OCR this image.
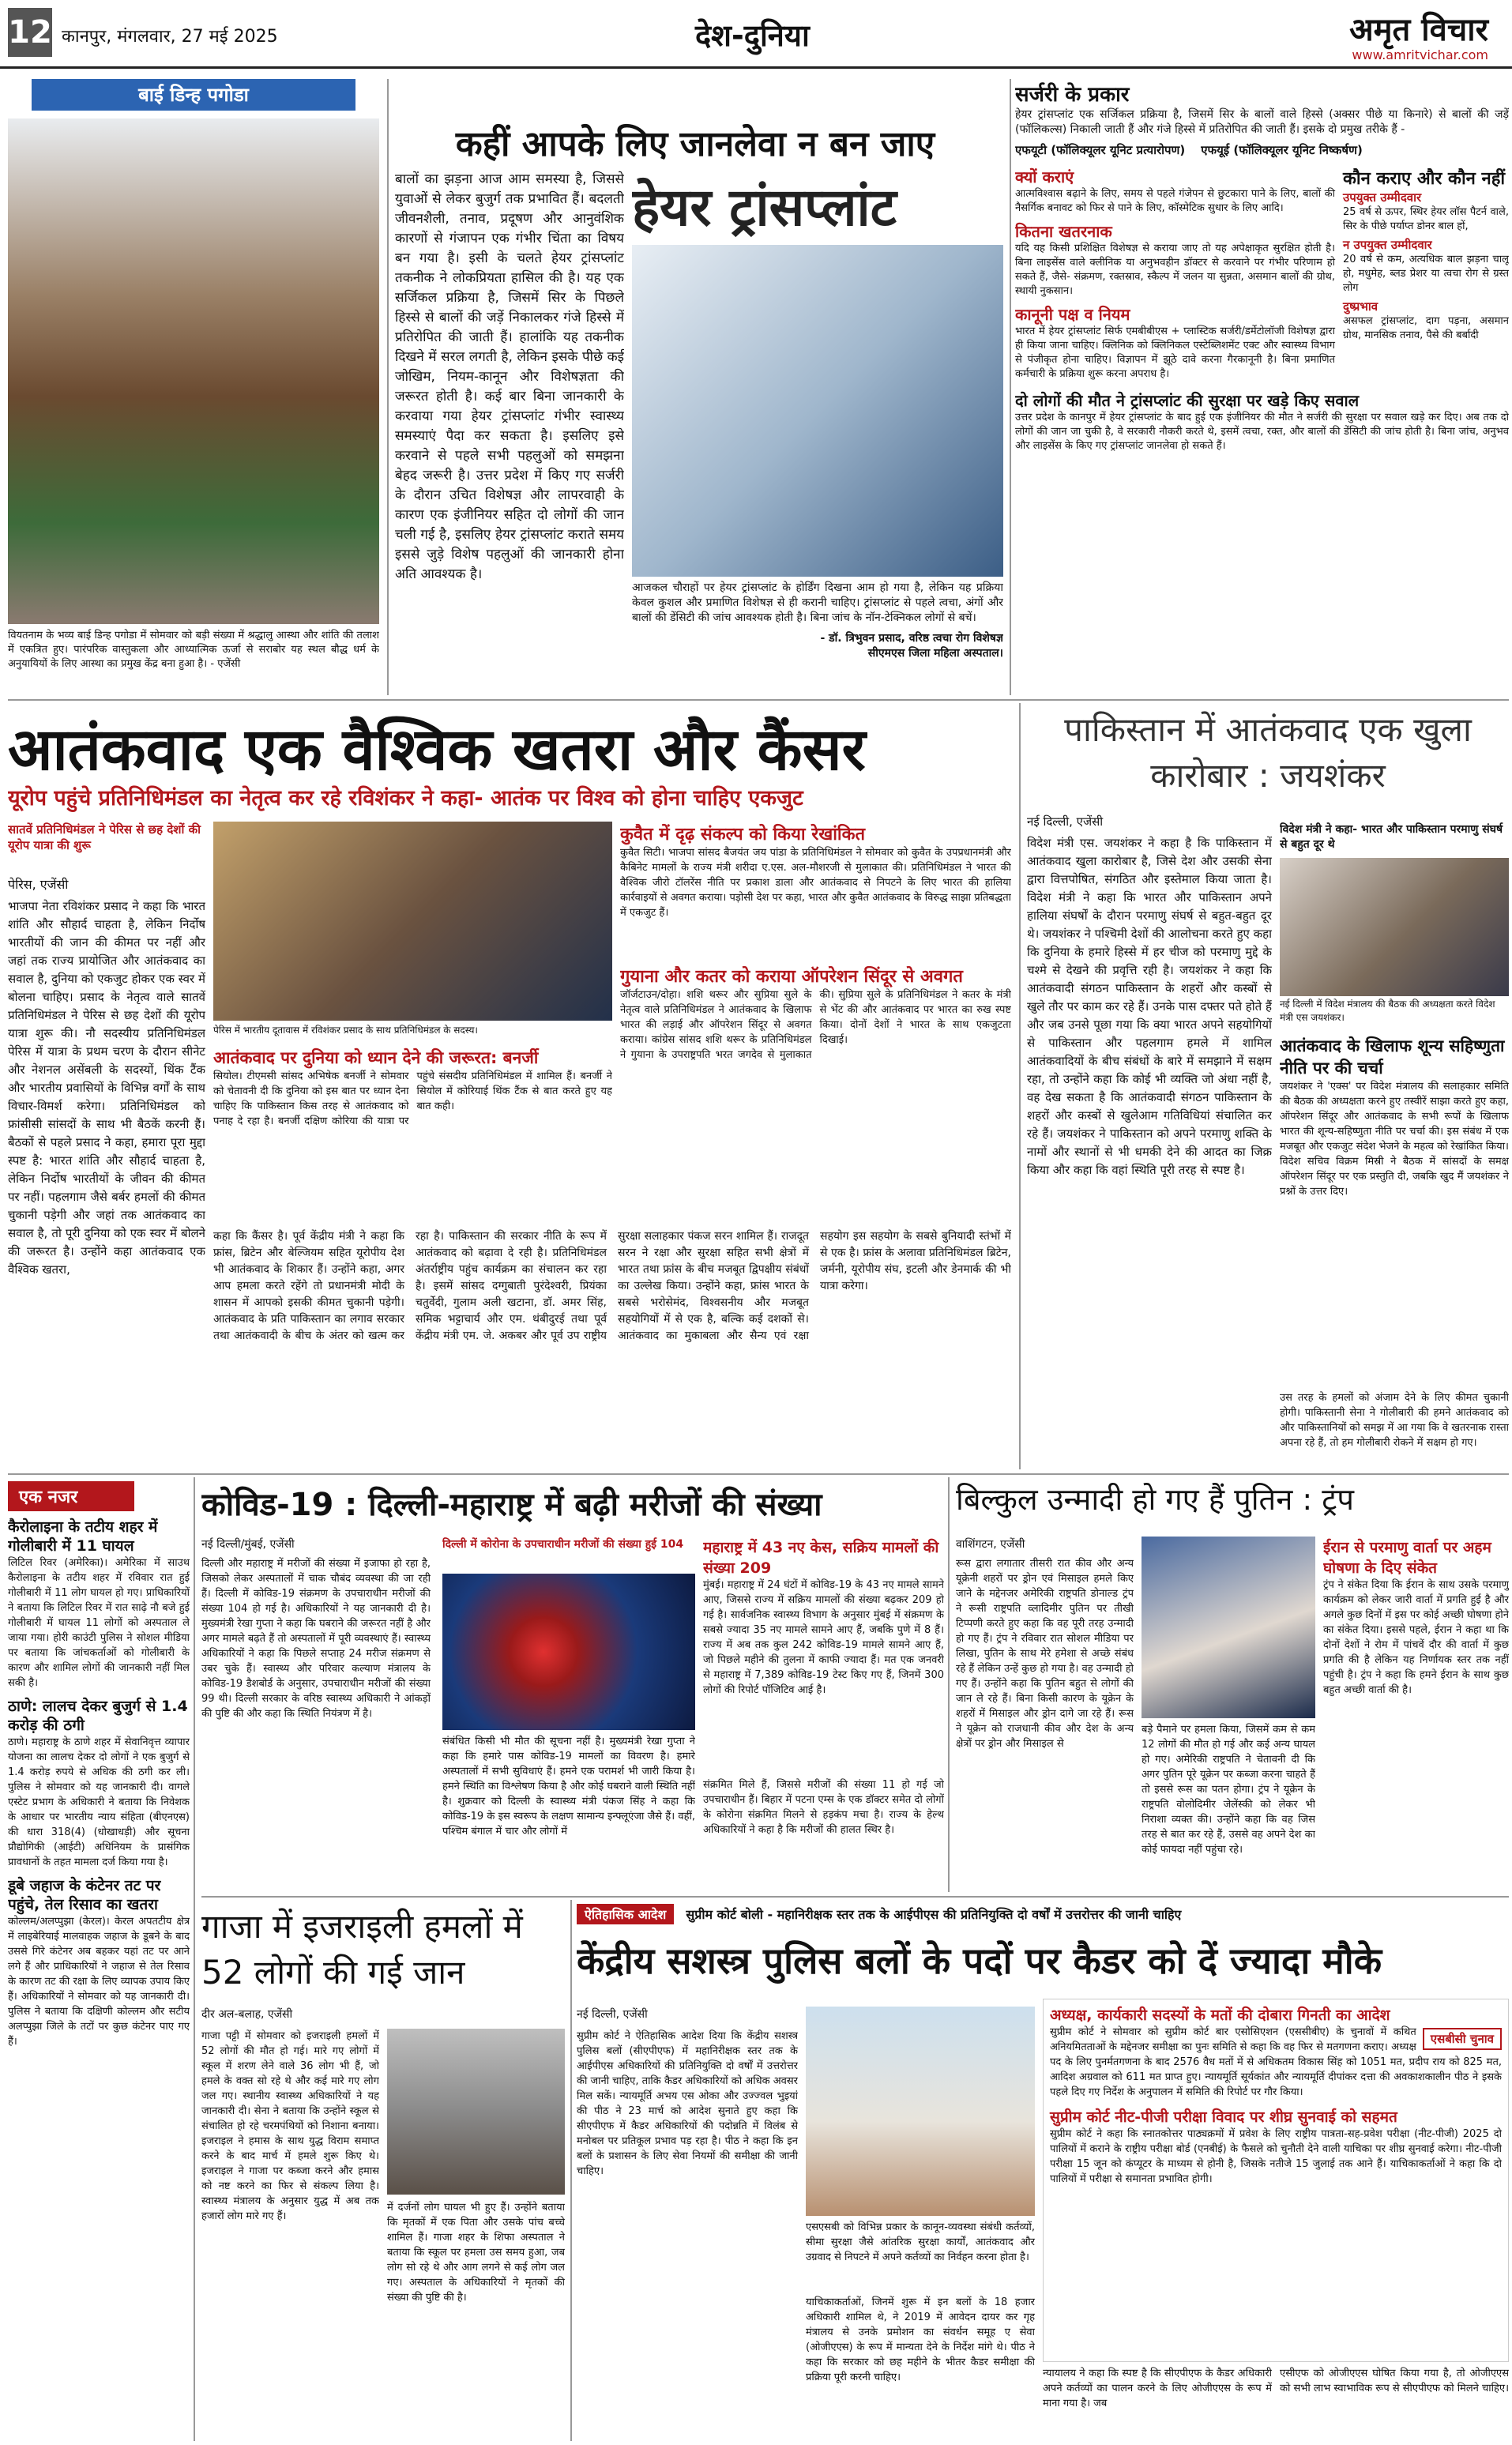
12 कानपुर, मंगलवार, 27 मई 2025	देश-दुनिया	अमृत विचार
www.amritvichar.com
बाई डिन्ह पगोडा
वियतनाम के भव्य बाई डिन्ह पगोडा में सोमवार को बड़ी संख्या में श्रद्धालु आस्था और शांति की तलाश में एकत्रित हुए। पारंपरिक वास्तुकला और आध्यात्मिक ऊर्जा से सराबोर यह स्थल बौद्ध धर्म के अनुयायियों के लिए आस्था का प्रमुख केंद्र बना हुआ है। - एजेंसी
कहीं आपके लिए जानलेवा न बन जाए
बालों का झड़ना आज आम समस्या है, जिससे युवाओं से लेकर बुजुर्ग तक प्रभावित हैं। बदलती जीवनशैली, तनाव, प्रदूषण और आनुवंशिक कारणों से गंजापन एक गंभीर चिंता का विषय बन गया है। इसी के चलते हेयर ट्रांसप्लांट तकनीक ने लोकप्रियता हासिल की है। यह एक सर्जिकल प्रक्रिया है, जिसमें सिर के पिछले हिस्से से बालों की जड़ें निकालकर गंजे हिस्से में प्रतिरोपित की जाती हैं। हालांकि यह तकनीक दिखने में सरल लगती है, लेकिन इसके पीछे कई जोखिम, नियम-कानून और विशेषज्ञता की जरूरत होती है। कई बार बिना जानकारी के करवाया गया हेयर ट्रांसप्लांट गंभीर स्वास्थ्य समस्याएं पैदा कर सकता है। इसलिए इसे करवाने से पहले सभी पहलुओं को समझना बेहद जरूरी है। उत्तर प्रदेश में किए गए सर्जरी के दौरान उचित विशेषज्ञ और लापरवाही के कारण एक इंजीनियर सहित दो लोगों की जान चली गई है, इसलिए हेयर ट्रांसप्लांट कराते समय इससे जुड़े विशेष पहलुओं की जानकारी होना अति आवश्यक है।
हेयर ट्रांसप्लांट
आजकल चौराहों पर हेयर ट्रांसप्लांट के होर्डिंग दिखना आम हो गया है, लेकिन यह प्रक्रिया केवल कुशल और प्रमाणित विशेषज्ञ से ही करानी चाहिए। ट्रांसप्लांट से पहले त्वचा, अंगों और बालों की डेंसिटी की जांच आवश्यक होती है। बिना जांच के नॉन-टेक्निकल लोगों से बचें।
- डॉ. त्रिभुवन प्रसाद, वरिष्ठ त्वचा रोग विशेषज्ञ
सीएमएस जिला महिला अस्पताल।
सर्जरी के प्रकार
हेयर ट्रांसप्लांट एक सर्जिकल प्रक्रिया है, जिसमें सिर के बालों वाले हिस्से (अक्सर पीछे या किनारे) से बालों की जड़ें (फॉलिकल्स) निकाली जाती हैं और गंजे हिस्से में प्रतिरोपित की जाती हैं। इसके दो प्रमुख तरीके हैं -
एफयूटी (फॉलिक्यूलर यूनिट प्रत्यारोपण) एफयूई (फॉलिक्यूलर यूनिट निष्कर्षण)
क्यों कराएं
आत्मविश्वास बढ़ाने के लिए, समय से पहले गंजेपन से छुटकारा पाने के लिए, बालों की नैसर्गिक बनावट को फिर से पाने के लिए, कॉस्मेटिक सुधार के लिए आदि।
कितना खतरनाक
यदि यह किसी प्रशिक्षित विशेषज्ञ से कराया जाए तो यह अपेक्षाकृत सुरक्षित होती है। बिना लाइसेंस वाले क्लीनिक या अनुभवहीन डॉक्टर से करवाने पर गंभीर परिणाम हो सकते हैं, जैसे- संक्रमण, रक्तस्राव, स्कैल्प में जलन या सुन्नता, असमान बालों की ग्रोथ, स्थायी नुकसान।
कानूनी पक्ष व नियम
भारत में हेयर ट्रांसप्लांट सिर्फ एमबीबीएस + प्लास्टिक सर्जरी/डर्मेटोलॉजी विशेषज्ञ द्वारा ही किया जाना चाहिए। क्लिनिक को क्लिनिकल एस्टेब्लिशमेंट एक्ट और स्वास्थ्य विभाग से पंजीकृत होना चाहिए। विज्ञापन में झूठे दावे करना गैरकानूनी है। बिना प्रमाणित कर्मचारी के प्रक्रिया शुरू करना अपराध है।
कौन कराए और कौन नहीं
उपयुक्त उम्मीदवार
25 वर्ष से ऊपर, स्थिर हेयर लॉस पैटर्न वाले, सिर के पीछे पर्याप्त डोनर बाल हों,
न उपयुक्त उम्मीदवार
20 वर्ष से कम, अत्यधिक बाल झड़ना चालू हो, मधुमेह, ब्लड प्रेशर या त्वचा रोग से ग्रस्त लोग
दुष्प्रभाव
असफल ट्रांसप्लांट, दाग पड़ना, असमान ग्रोथ, मानसिक तनाव, पैसे की बर्बादी
दो लोगों की मौत ने ट्रांसप्लांट की सुरक्षा पर खड़े किए सवाल
उत्तर प्रदेश के कानपुर में हेयर ट्रांसप्लांट के बाद हुई एक इंजीनियर की मौत ने सर्जरी की सुरक्षा पर सवाल खड़े कर दिए। अब तक दो लोगों की जान जा चुकी है, वे सरकारी नौकरी करते थे, इसमें त्वचा, रक्त, और बालों की डेंसिटी की जांच होती है। बिना जांच, अनुभव और लाइसेंस के किए गए ट्रांसप्लांट जानलेवा हो सकते हैं।
आतंकवाद एक वैश्विक खतरा और कैंसर
यूरोप पहुंचे प्रतिनिधिमंडल का नेतृत्व कर रहे रविशंकर ने कहा- आतंक पर विश्व को होना चाहिए एकजुट
सातवें प्रतिनिधिमंडल ने पेरिस से छह देशों की यूरोप यात्रा की शुरू
पेरिस, एजेंसी
भाजपा नेता रविशंकर प्रसाद ने कहा कि भारत शांति और सौहार्द चाहता है, लेकिन निर्दोष भारतीयों की जान की कीमत पर नहीं और जहां तक राज्य प्रायोजित और आतंकवाद का सवाल है, दुनिया को एकजुट होकर एक स्वर में बोलना चाहिए। प्रसाद के नेतृत्व वाले सातवें प्रतिनिधिमंडल ने पेरिस से छह देशों की यूरोप यात्रा शुरू की। नौ सदस्यीय प्रतिनिधिमंडल पेरिस में यात्रा के प्रथम चरण के दौरान सीनेट और नेशनल असेंबली के सदस्यों, थिंक टैंक और भारतीय प्रवासियों के विभिन्न वर्गों के साथ विचार-विमर्श करेगा। प्रतिनिधिमंडल को फ्रांसीसी सांसदों के साथ भी बैठकें करनी हैं। बैठकों से पहले प्रसाद ने कहा, हमारा पूरा मुद्दा स्पष्ट है: भारत शांति और सौहार्द चाहता है, लेकिन निर्दोष भारतीयों के जीवन की कीमत पर नहीं। पहलगाम जैसे बर्बर हमलों की कीमत चुकानी पड़ेगी और जहां तक आतंकवाद का सवाल है, तो पूरी दुनिया को एक स्वर में बोलने की जरूरत है। उन्होंने कहा आतंकवाद एक वैश्विक खतरा,
पेरिस में भारतीय दूतावास में रविशंकर प्रसाद के साथ प्रतिनिधिमंडल के सदस्य।
कुवैत में दृढ़ संकल्प को किया रेखांकित
कुवैत सिटी। भाजपा सांसद बैजयंत जय पांडा के प्रतिनिधिमंडल ने सोमवार को कुवैत के उपप्रधानमंत्री और कैबिनेट मामलों के राज्य मंत्री शरीदा ए.एस. अल-मौशरजी से मुलाकात की। प्रतिनिधिमंडल ने भारत की वैश्विक जीरो टॉलरेंस नीति पर प्रकाश डाला और आतंकवाद से निपटने के लिए भारत की हालिया कार्रवाइयों से अवगत कराया। पड़ोसी देश पर कहा, भारत और कुवैत आतंकवाद के विरुद्ध साझा प्रतिबद्धता में एकजुट हैं।
गुयाना और कतर को कराया ऑपरेशन सिंदूर से अवगत
जॉर्जटाउन/दोहा। शशि थरूर और सुप्रिया सुले के नेतृत्व वाले प्रतिनिधिमंडल ने आतंकवाद के खिलाफ भारत की लड़ाई और ऑपरेशन सिंदूर से अवगत कराया। कांग्रेस सांसद शशि थरूर के प्रतिनिधिमंडल ने गुयाना के उपराष्ट्रपति भरत जगदेव से मुलाकात की। सुप्रिया सुले के प्रतिनिधिमंडल ने कतर के मंत्री से भेंट की और आतंकवाद पर भारत का रुख स्पष्ट किया। दोनों देशों ने भारत के साथ एकजुटता दिखाई।
आतंकवाद पर दुनिया को ध्यान देने की जरूरत: बनर्जी
सियोल। टीएमसी सांसद अभिषेक बनर्जी ने सोमवार को चेतावनी दी कि दुनिया को इस बात पर ध्यान देना चाहिए कि पाकिस्तान किस तरह से आतंकवाद को पनाह दे रहा है। बनर्जी दक्षिण कोरिया की यात्रा पर पहुंचे संसदीय प्रतिनिधिमंडल में शामिल हैं। बनर्जी ने सियोल में कोरियाई थिंक टैंक से बात करते हुए यह बात कही।
कहा कि कैंसर है। पूर्व केंद्रीय मंत्री ने कहा कि फ्रांस, ब्रिटेन और बेल्जियम सहित यूरोपीय देश भी आतंकवाद के शिकार हैं। उन्होंने कहा, अगर आप हमला करते रहेंगे तो प्रधानमंत्री मोदी के शासन में आपको इसकी कीमत चुकानी पड़ेगी। आतंकवाद के प्रति पाकिस्तान का लगाव सरकार तथा आतंकवादी के बीच के अंतर को खत्म कर रहा है। पाकिस्तान की सरकार नीति के रूप में आतंकवाद को बढ़ावा दे रही है। प्रतिनिधिमंडल अंतर्राष्ट्रीय पहुंच कार्यक्रम का संचालन कर रहा है। इसमें सांसद दग्गुबाती पुरंदेश्वरी, प्रियंका चतुर्वेदी, गुलाम अली खटाना, डॉ. अमर सिंह, समिक भट्टाचार्य और एम. थंबीदुरई तथा पूर्व केंद्रीय मंत्री एम. जे. अकबर और पूर्व उप राष्ट्रीय सुरक्षा सलाहकार पंकज सरन शामिल हैं। राजदूत सरन ने रक्षा और सुरक्षा सहित सभी क्षेत्रों में भारत तथा फ्रांस के बीच मजबूत द्विपक्षीय संबंधों का उल्लेख किया। उन्होंने कहा, फ्रांस भारत के सबसे भरोसेमंद, विश्वसनीय और मजबूत सहयोगियों में से एक है, बल्कि कई दशकों से। आतंकवाद का मुकाबला और सैन्य एवं रक्षा सहयोग इस सहयोग के सबसे बुनियादी स्तंभों में से एक है। फ्रांस के अलावा प्रतिनिधिमंडल ब्रिटेन, जर्मनी, यूरोपीय संघ, इटली और डेनमार्क की भी यात्रा करेगा।
पाकिस्तान में आतंकवाद एक खुला कारोबार : जयशंकर
नई दिल्ली, एजेंसी
विदेश मंत्री एस. जयशंकर ने कहा है कि पाकिस्तान में आतंकवाद खुला कारोबार है, जिसे देश और उसकी सेना द्वारा वित्तपोषित, संगठित और इस्तेमाल किया जाता है। विदेश मंत्री ने कहा कि भारत और पाकिस्तान अपने हालिया संघर्षों के दौरान परमाणु संघर्ष से बहुत-बहुत दूर थे। जयशंकर ने पश्चिमी देशों की आलोचना करते हुए कहा कि दुनिया के हमारे हिस्से में हर चीज को परमाणु मुद्दे के चश्मे से देखने की प्रवृत्ति रही है। जयशंकर ने कहा कि आतंकवादी संगठन पाकिस्तान के शहरों और कस्बों से खुले तौर पर काम कर रहे हैं। उनके पास दफ्तर पते होते हैं और जब उनसे पूछा गया कि क्या भारत अपने सहयोगियों से पाकिस्तान और पहलगाम हमले में शामिल आतंकवादियों के बीच संबंधों के बारे में समझाने में सक्षम रहा, तो उन्होंने कहा कि कोई भी व्यक्ति जो अंधा नहीं है, वह देख सकता है कि आतंकवादी संगठन पाकिस्तान के शहरों और कस्बों से खुलेआम गतिविधियां संचालित कर रहे हैं। जयशंकर ने पाकिस्तान को अपने परमाणु शक्ति के नामों और स्थानों से भी धमकी देने की आदत का जिक्र किया और कहा कि वहां स्थिति पूरी तरह से स्पष्ट है।
विदेश मंत्री ने कहा- भारत और पाकिस्तान परमाणु संघर्ष से बहुत दूर थे
नई दिल्ली में विदेश मंत्रालय की बैठक की अध्यक्षता करते विदेश मंत्री एस जयशंकर।
आतंकवाद के खिलाफ शून्य सहिष्णुता नीति पर की चर्चा
जयशंकर ने 'एक्स' पर विदेश मंत्रालय की सलाहकार समिति की बैठक की अध्यक्षता करने हुए तस्वीरें साझा करते हुए कहा, ऑपरेशन सिंदूर और आतंकवाद के सभी रूपों के खिलाफ भारत की शून्य-सहिष्णुता नीति पर चर्चा की। इस संबंध में एक मजबूत और एकजुट संदेश भेजने के महत्व को रेखांकित किया। विदेश सचिव विक्रम मिस्री ने बैठक में सांसदों के समक्ष ऑपरेशन सिंदूर पर एक प्रस्तुति दी, जबकि खुद मैं जयशंकर ने प्रश्नों के उत्तर दिए।
उस तरह के हमलों को अंजाम देने के लिए कीमत चुकानी होगी। पाकिस्तानी सेना ने गोलीबारी की हमने आतंकवाद को और पाकिस्तानियों को समझ में आ गया कि वे खतरनाक रास्ता अपना रहे हैं, तो हम गोलीबारी रोकने में सक्षम हो गए।
एक नजर
कैरोलाइना के तटीय शहर में गोलीबारी में 11 घायल
लिटिल रिवर (अमेरिका)। अमेरिका में साउथ कैरोलाइना के तटीय शहर में रविवार रात हुई गोलीबारी में 11 लोग घायल हो गए। प्राधिकारियों ने बताया कि लिटिल रिवर में रात साढ़े नौ बजे हुई गोलीबारी में घायल 11 लोगों को अस्पताल ले जाया गया। होरी काउंटी पुलिस ने सोशल मीडिया पर बताया कि जांचकर्ताओं को गोलीबारी के कारण और शामिल लोगों की जानकारी नहीं मिल सकी है।
ठाणे: लालच देकर बुजुर्ग से 1.4 करोड़ की ठगी
ठाणे। महाराष्ट्र के ठाणे शहर में सेवानिवृत्त व्यापार योजना का लालच देकर दो लोगों ने एक बुजुर्ग से 1.4 करोड़ रुपये से अधिक की ठगी कर ली। पुलिस ने सोमवार को यह जानकारी दी। वागले एस्टेट प्रभाग के अधिकारी ने बताया कि निवेशक के आधार पर भारतीय न्याय संहिता (बीएनएस) की धारा 318(4) (धोखाधड़ी) और सूचना प्रौद्योगिकी (आईटी) अधिनियम के प्रासंगिक प्रावधानों के तहत मामला दर्ज किया गया है।
डूबे जहाज के कंटेनर तट पर पहुंचे, तेल रिसाव का खतरा
कोल्लम/अलप्पुझा (केरल)। केरल अपतटीय क्षेत्र में लाइबेरियाई मालवाहक जहाज के डूबने के बाद उससे गिरे कंटेनर अब बहकर यहां तट पर आने लगे हैं और प्राधिकारियों ने जहाज से तेल रिसाव के कारण तट की रक्षा के लिए व्यापक उपाय किए हैं। अधिकारियों ने सोमवार को यह जानकारी दी। पुलिस ने बताया कि दक्षिणी कोल्लम और सटीय अलप्पुझा जिले के तटों पर कुछ कंटेनर पाए गए हैं।
कोविड-19 : दिल्ली-महाराष्ट्र में बढ़ी मरीजों की संख्या
नई दिल्ली/मुंबई, एजेंसी
दिल्ली और महाराष्ट्र में मरीजों की संख्या में इजाफा हो रहा है, जिसको लेकर अस्पतालों में चाक चौबंद व्यवस्था की जा रही हैं। दिल्ली में कोविड-19 संक्रमण के उपचाराधीन मरीजों की संख्या 104 हो गई है। अधिकारियों ने यह जानकारी दी है। मुख्यमंत्री रेखा गुप्ता ने कहा कि घबराने की जरूरत नहीं है और अगर मामले बढ़ते हैं तो अस्पतालों में पूरी व्यवस्थाएं हैं। स्वास्थ्य अधिकारियों ने कहा कि पिछले सप्ताह 24 मरीज संक्रमण से उबर चुके हैं। स्वास्थ्य और परिवार कल्याण मंत्रालय के कोविड-19 डैशबोर्ड के अनुसार, उपचाराधीन मरीजों की संख्या 99 थी। दिल्ली सरकार के वरिष्ठ स्वास्थ्य अधिकारी ने आंकड़ों की पुष्टि की और कहा कि स्थिति नियंत्रण में है।
दिल्ली में कोरोना के उपचाराधीन मरीजों की संख्या हुई 104
संबंधित किसी भी मौत की सूचना नहीं है। मुख्यमंत्री रेखा गुप्ता ने कहा कि हमारे पास कोविड-19 मामलों का विवरण है। हमारे अस्पतालों में सभी सुविधाएं हैं। हमने एक परामर्श भी जारी किया है। हमने स्थिति का विश्लेषण किया है और कोई घबराने वाली स्थिति नहीं है। शुक्रवार को दिल्ली के स्वास्थ्य मंत्री पंकज सिंह ने कहा कि कोविड-19 के इस स्वरूप के लक्षण सामान्य इन्फ्लूएंजा जैसे हैं। वहीं, पश्चिम बंगाल में चार और लोगों में
महाराष्ट्र में 43 नए केस, सक्रिय मामलों की संख्या 209
मुंबई। महाराष्ट्र में 24 घंटों में कोविड-19 के 43 नए मामले सामने आए, जिससे राज्य में सक्रिय मामलों की संख्या बढ़कर 209 हो गई है। सार्वजनिक स्वास्थ्य विभाग के अनुसार मुंबई में संक्रमण के सबसे ज्यादा 35 नए मामले सामने आए हैं, जबकि पुणे में 8 हैं। राज्य में अब तक कुल 242 कोविड-19 मामले सामने आए हैं, जो पिछले महीने की तुलना में काफी ज्यादा हैं। मत एक जनवरी से महाराष्ट्र में 7,389 कोविड-19 टेस्ट किए गए हैं, जिनमें 300 लोगों की रिपोर्ट पॉजिटिव आई है।
संक्रमित मिले हैं, जिससे मरीजों की संख्या 11 हो गई जो उपचाराधीन हैं। बिहार में पटना एम्स के एक डॉक्टर समेत दो लोगों के कोरोना संक्रमित मिलने से हड़कंप मचा है। राज्य के हेल्थ अधिकारियों ने कहा है कि मरीजों की हालत स्थिर है।
बिल्कुल उन्मादी हो गए हैं पुतिन : ट्रंप
वाशिंगटन, एजेंसी
रूस द्वारा लगातार तीसरी रात कीव और अन्य यूक्रेनी शहरों पर ड्रोन एवं मिसाइल हमले किए जाने के मद्देनजर अमेरिकी राष्ट्रपति डोनाल्ड ट्रंप ने रूसी राष्ट्रपति व्लादिमीर पुतिन पर तीखी टिप्पणी करते हुए कहा कि वह पूरी तरह उन्मादी हो गए हैं। ट्रंप ने रविवार रात सोशल मीडिया पर लिखा, पुतिन के साथ मेरे हमेशा से अच्छे संबंध रहे हैं लेकिन उन्हें कुछ हो गया है। वह उन्मादी हो गए हैं। उन्होंने कहा कि पुतिन बहुत से लोगों की जान ले रहे हैं। बिना किसी कारण के यूक्रेन के शहरों में मिसाइल और ड्रोन दागे जा रहे हैं। रूस ने यूक्रेन को राजधानी कीव और देश के अन्य क्षेत्रों पर ड्रोन और मिसाइल से
बड़े पैमाने पर हमला किया, जिसमें कम से कम 12 लोगों की मौत हो गई और कई अन्य घायल हो गए। अमेरिकी राष्ट्रपति ने चेतावनी दी कि अगर पुतिन पूरे यूक्रेन पर कब्जा करना चाहते हैं तो इससे रूस का पतन होगा। ट्रंप ने यूक्रेन के राष्ट्रपति वोलोदिमीर जेलेंस्की को लेकर भी निराशा व्यक्त की। उन्होंने कहा कि वह जिस तरह से बात कर रहे हैं, उससे वह अपने देश का कोई फायदा नहीं पहुंचा रहे।
ईरान से परमाणु वार्ता पर अहम घोषणा के दिए संकेत
ट्रंप ने संकेत दिया कि ईरान के साथ उसके परमाणु कार्यक्रम को लेकर जारी वार्ता में प्रगति हुई है और अगले कुछ दिनों में इस पर कोई अच्छी घोषणा होने का संकेत दिया। इससे पहले, ईरान ने कहा था कि दोनों देशों ने रोम में पांचवें दौर की वार्ता में कुछ प्रगति की है लेकिन यह निर्णायक स्तर तक नहीं पहुंची है। ट्रंप ने कहा कि हमने ईरान के साथ कुछ बहुत अच्छी वार्ता की है।
गाजा में इजराइली हमलों में 52 लोगों की गई जान
दीर अल-बलाह, एजेंसी
गाजा पट्टी में सोमवार को इजराइली हमलों में 52 लोगों की मौत हो गई। मारे गए लोगों में स्कूल में शरण लेने वाले 36 लोग भी हैं, जो हमले के वक्त सो रहे थे और कई मारे गए लोग जल गए। स्थानीय स्वास्थ्य अधिकारियों ने यह जानकारी दी। सेना ने बताया कि उन्होंने स्कूल से संचालित हो रहे चरमपंथियों को निशाना बनाया। इजराइल ने हमास के साथ युद्ध विराम समाप्त करने के बाद मार्च में हमले शुरू किए थे। इजराइल ने गाजा पर कब्जा करने और हमास को नष्ट करने का फिर से संकल्प लिया है। स्वास्थ्य मंत्रालय के अनुसार युद्ध में अब तक हजारों लोग मारे गए हैं।
में दर्जनों लोग घायल भी हुए हैं। उन्होंने बताया कि मृतकों में एक पिता और उसके पांच बच्चे शामिल हैं। गाजा शहर के शिफा अस्पताल ने बताया कि स्कूल पर हमला उस समय हुआ, जब लोग सो रहे थे और आग लगने से कई लोग जल गए। अस्पताल के अधिकारियों ने मृतकों की संख्या की पुष्टि की है।
ऐतिहासिक आदेश सुप्रीम कोर्ट बोली - महानिरीक्षक स्तर तक के आईपीएस की प्रतिनियुक्ति दो वर्षों में उत्तरोत्तर की जानी चाहिए
केंद्रीय सशस्त्र पुलिस बलों के पदों पर कैडर को दें ज्यादा मौके
नई दिल्ली, एजेंसी
सुप्रीम कोर्ट ने ऐतिहासिक आदेश दिया कि केंद्रीय सशस्त्र पुलिस बलों (सीएपीएफ) में महानिरीक्षक स्तर तक के आईपीएस अधिकारियों की प्रतिनियुक्ति दो वर्षों में उत्तरोत्तर की जानी चाहिए, ताकि कैडर अधिकारियों को अधिक अवसर मिल सकें। न्यायमूर्ति अभय एस ओका और उज्ज्वल भुइयां की पीठ ने 23 मार्च को आदेश सुनाते हुए कहा कि सीएपीएफ में कैडर अधिकारियों की पदोन्नति में विलंब से मनोबल पर प्रतिकूल प्रभाव पड़ रहा है। पीठ ने कहा कि इन बलों के प्रशासन के लिए सेवा नियमों की समीक्षा की जानी चाहिए।
एसएसबी को विभिन्न प्रकार के कानून-व्यवस्था संबंधी कर्तव्यों, सीमा सुरक्षा जैसे आंतरिक सुरक्षा कार्यों, आतंकवाद और उग्रवाद से निपटने में अपने कर्तव्यों का निर्वहन करना होता है।
याचिकाकर्ताओं, जिनमें शुरू में इन बलों के 18 हजार अधिकारी शामिल थे, ने 2019 में आवेदन दायर कर गृह मंत्रालय से उनके प्रमोशन का संवर्धन समूह ए सेवा (ओजीएएस) के रूप में मान्यता देने के निर्देश मांगे थे। पीठ ने कहा कि सरकार को छह महीने के भीतर कैडर समीक्षा की प्रक्रिया पूरी करनी चाहिए।
अध्यक्ष, कार्यकारी सदस्यों के मतों की दोबारा गिनती का आदेश
एसबीसी चुनाव
सुप्रीम कोर्ट ने सोमवार को सुप्रीम कोर्ट बार एसोसिएशन (एससीबीए) के चुनावों में कथित अनियमितताओं के मद्देनजर समीक्षा का पुनः समिति से कहा कि वह फिर से मतगणना कराए। अध्यक्ष पद के लिए पुनर्मतगणना के बाद 2576 वैध मतों में से अधिकतम विकास सिंह को 1051 मत, प्रदीप राय को 825 मत, आदिश अग्रवाल को 611 मत प्राप्त हुए। न्यायमूर्ति सूर्यकांत और न्यायमूर्ति दीपांकर दत्ता की अवकाशकालीन पीठ ने इसके पहले दिए गए निर्देश के अनुपालन में समिति की रिपोर्ट पर गौर किया।
सुप्रीम कोर्ट नीट-पीजी परीक्षा विवाद पर शीघ्र सुनवाई को सहमत
सुप्रीम कोर्ट ने कहा कि स्नातकोत्तर पाठ्यक्रमों में प्रवेश के लिए राष्ट्रीय पात्रता-सह-प्रवेश परीक्षा (नीट-पीजी) 2025 दो पालियों में कराने के राष्ट्रीय परीक्षा बोर्ड (एनबीई) के फैसले को चुनौती देने वाली याचिका पर शीघ्र सुनवाई करेगा। नीट-पीजी परीक्षा 15 जून को कंप्यूटर के माध्यम से होनी है, जिसके नतीजे 15 जुलाई तक आने हैं। याचिकाकर्ताओं ने कहा कि दो पालियों में परीक्षा से समानता प्रभावित होगी।
न्यायालय ने कहा कि स्पष्ट है कि सीएपीएफ के कैडर अधिकारी अपने कर्तव्यों का पालन करने के लिए ओजीएएस के रूप में माना गया है। जब
एसीएफ को ओजीएएस घोषित किया गया है, तो ओजीएएस को सभी लाभ स्वाभाविक रूप से सीएपीएफ को मिलने चाहिए।
